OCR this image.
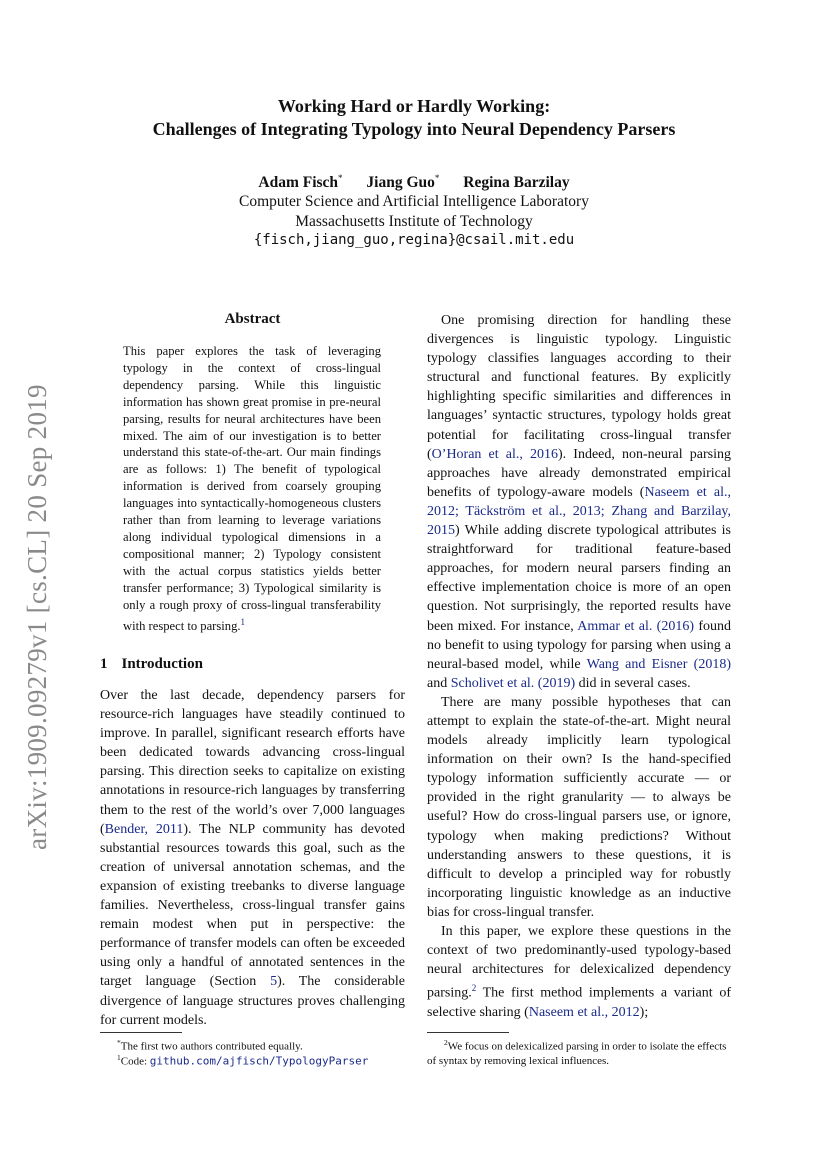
arXiv:1909.09279v1 [cs.CL] 20 Sep 2019
Working Hard or Hardly Working:
Challenges of Integrating Typology into Neural Dependency Parsers
Adam Fisch* Jiang Guo* Regina Barzilay
Computer Science and Artificial Intelligence Laboratory
Massachusetts Institute of Technology
{fisch,jiang_guo,regina}@csail.mit.edu
Abstract
This paper explores the task of leveraging typology in the context of cross-lingual dependency parsing. While this linguistic information has shown great promise in pre-neural parsing, results for neural architectures have been mixed. The aim of our investigation is to better understand this state-of-the-art. Our main findings are as follows: 1) The benefit of typological information is derived from coarsely grouping languages into syntactically-homogeneous clusters rather than from learning to leverage variations along individual typological dimensions in a compositional manner; 2) Typology consistent with the actual corpus statistics yields better transfer performance; 3) Typological similarity is only a rough proxy of cross-lingual transferability with respect to parsing.$^1$
1 Introduction

Over the last decade, dependency parsers for resource-rich languages have steadily continued to improve. In parallel, significant research efforts have been dedicated towards advancing cross-lingual parsing. This direction seeks to capitalize on existing annotations in resource-rich languages by transferring them to the rest of the world’s over 7,000 languages (Bender, 2011). The NLP community has devoted substantial resources towards this goal, such as the creation of universal annotation schemas, and the expansion of existing treebanks to diverse language families. Nevertheless, cross-lingual transfer gains remain modest when put in perspective: the performance of transfer models can often be exceeded using only a handful of annotated sentences in the target language (Section 5). The considerable divergence of language structures proves challenging for current models.

One promising direction for handling these divergences is linguistic typology. Linguistic typology classifies languages according to their structural and functional features. By explicitly highlighting specific similarities and differences in languages’ syntactic structures, typology holds great potential for facilitating cross-lingual transfer (O’Horan et al., 2016). Indeed, non-neural parsing approaches have already demonstrated empirical benefits of typology-aware models (Naseem et al., 2012; Täckström et al., 2013; Zhang and Barzilay, 2015) While adding discrete typological attributes is straightforward for traditional feature-based approaches, for modern neural parsers finding an effective implementation choice is more of an open question. Not surprisingly, the reported results have been mixed. For instance, Ammar et al. (2016) found no benefit to using typology for parsing when using a neural-based model, while Wang and Eisner (2018) and Scholivet et al. (2019) did in several cases.

There are many possible hypotheses that can attempt to explain the state-of-the-art. Might neural models already implicitly learn typological information on their own? Is the hand-specified typology information sufficiently accurate — or provided in the right granularity — to always be useful? How do cross-lingual parsers use, or ignore, typology when making predictions? Without understanding answers to these questions, it is difficult to develop a principled way for robustly incorporating linguistic knowledge as an inductive bias for cross-lingual transfer.

In this paper, we explore these questions in the context of two predominantly-used typology-based neural architectures for delexicalized dependency parsing.$^2$ The first method implements a variant of selective sharing (Naseem et al., 2012);

*The first two authors contributed equally.
$^1$Code: github.com/ajfisch/TypologyParser
$^2$We focus on delexicalized parsing in order to isolate the effects of syntax by removing lexical influences.
